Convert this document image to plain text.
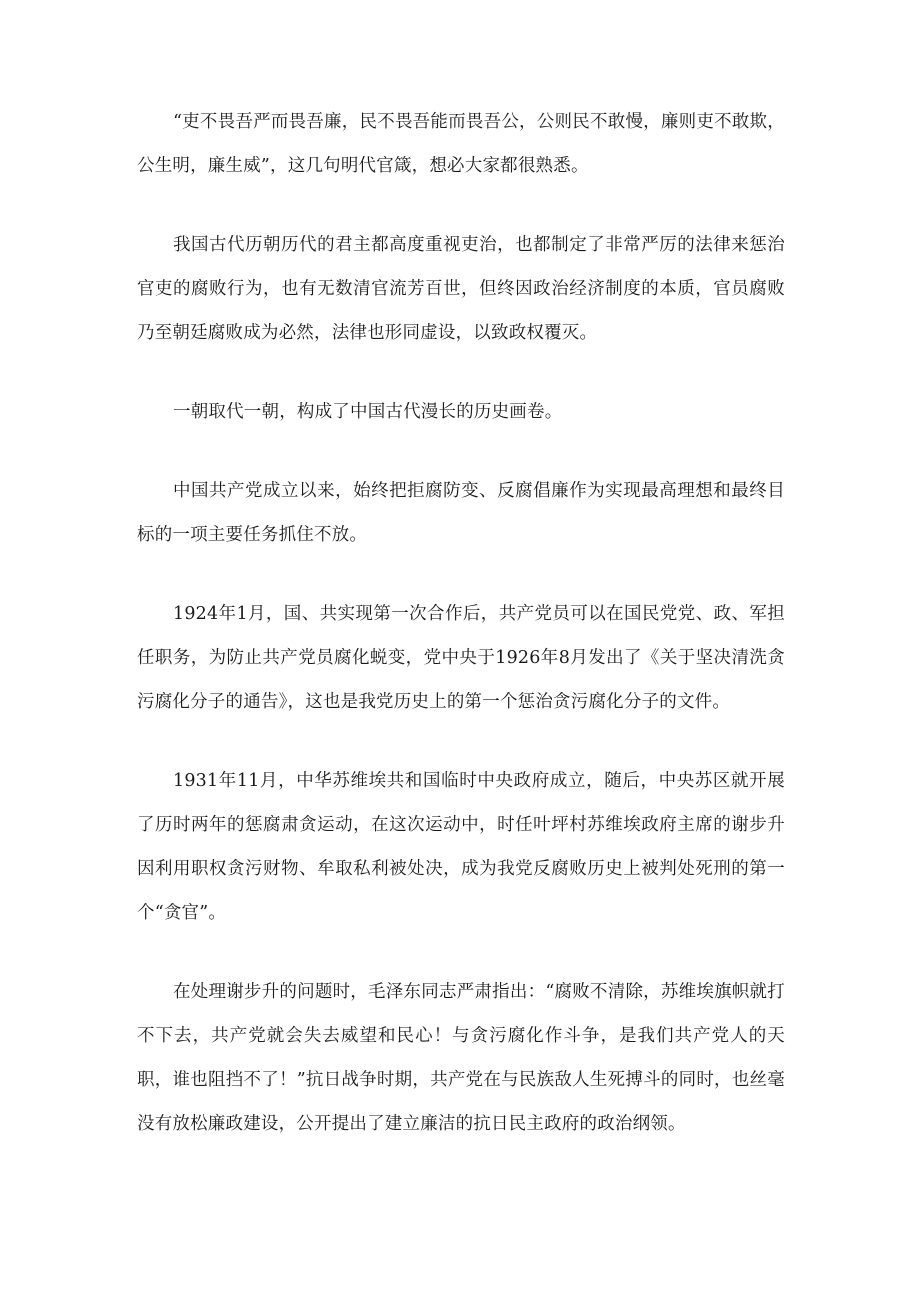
“吏不畏吾严而畏吾廉，民不畏吾能而畏吾公，公则民不敢慢，廉则吏不敢欺，公生明，廉生威”，这几句明代官箴，想必大家都很熟悉。

我国古代历朝历代的君主都高度重视吏治，也都制定了非常严厉的法律来惩治官吏的腐败行为，也有无数清官流芳百世，但终因政治经济制度的本质，官员腐败乃至朝廷腐败成为必然，法律也形同虚设，以致政权覆灭。

一朝取代一朝，构成了中国古代漫长的历史画卷。

中国共产党成立以来，始终把拒腐防变、反腐倡廉作为实现最高理想和最终目标的一项主要任务抓住不放。

1924年1月，国、共实现第一次合作后，共产党员可以在国民党党、政、军担任职务，为防止共产党员腐化蜕变，党中央于1926年8月发出了《关于坚决清洗贪污腐化分子的通告》，这也是我党历史上的第一个惩治贪污腐化分子的文件。

1931年11月，中华苏维埃共和国临时中央政府成立，随后，中央苏区就开展了历时两年的惩腐肃贪运动，在这次运动中，时任叶坪村苏维埃政府主席的谢步升因利用职权贪污财物、牟取私利被处决，成为我党反腐败历史上被判处死刑的第一个“贪官”。

在处理谢步升的问题时，毛泽东同志严肃指出：“腐败不清除，苏维埃旗帜就打不下去，共产党就会失去威望和民心！与贪污腐化作斗争，是我们共产党人的天职，谁也阻挡不了！”抗日战争时期，共产党在与民族敌人生死搏斗的同时，也丝毫没有放松廉政建设，公开提出了建立廉洁的抗日民主政府的政治纲领。
